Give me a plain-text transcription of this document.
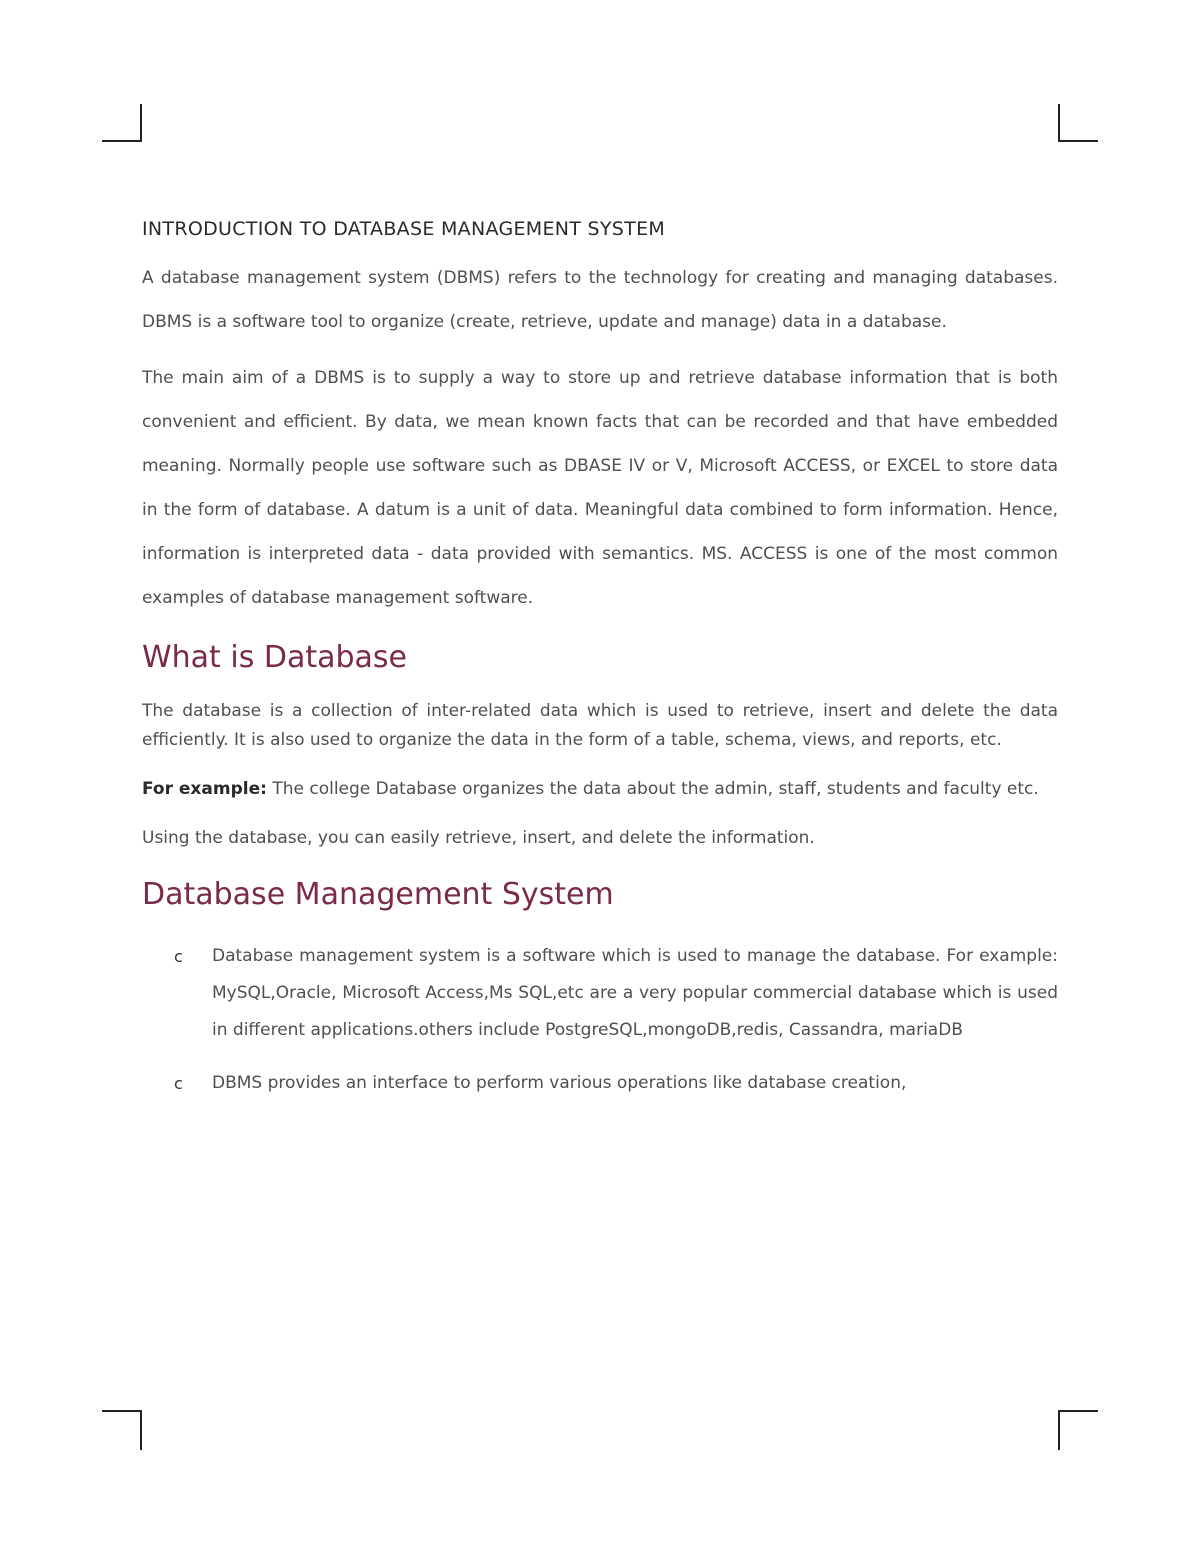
INTRODUCTION TO DATABASE MANAGEMENT SYSTEM

A database management system (DBMS) refers to the technology for creating and managing databases. DBMS is a software tool to organize (create, retrieve, update and manage) data in a database.

The main aim of a DBMS is to supply a way to store up and retrieve database information that is both convenient and efficient. By data, we mean known facts that can be recorded and that have embedded meaning. Normally people use software such as DBASE IV or V, Microsoft ACCESS, or EXCEL to store data in the form of database. A datum is a unit of data. Meaningful data combined to form information. Hence, information is interpreted data - data provided with semantics. MS. ACCESS is one of the most common examples of database management software.

What is Database

The database is a collection of inter-related data which is used to retrieve, insert and delete the data efficiently. It is also used to organize the data in the form of a table, schema, views, and reports, etc.

For example: The college Database organizes the data about the admin, staff, students and faculty etc.

Using the database, you can easily retrieve, insert, and delete the information.

Database Management System
c Database management system is a software which is used to manage the database. For example: MySQL,Oracle, Microsoft Access,Ms SQL,etc are a very popular commercial database which is used in different applications.others include PostgreSQL,mongoDB,redis, Cassandra, mariaDB
c DBMS provides an interface to perform various operations like database creation,
